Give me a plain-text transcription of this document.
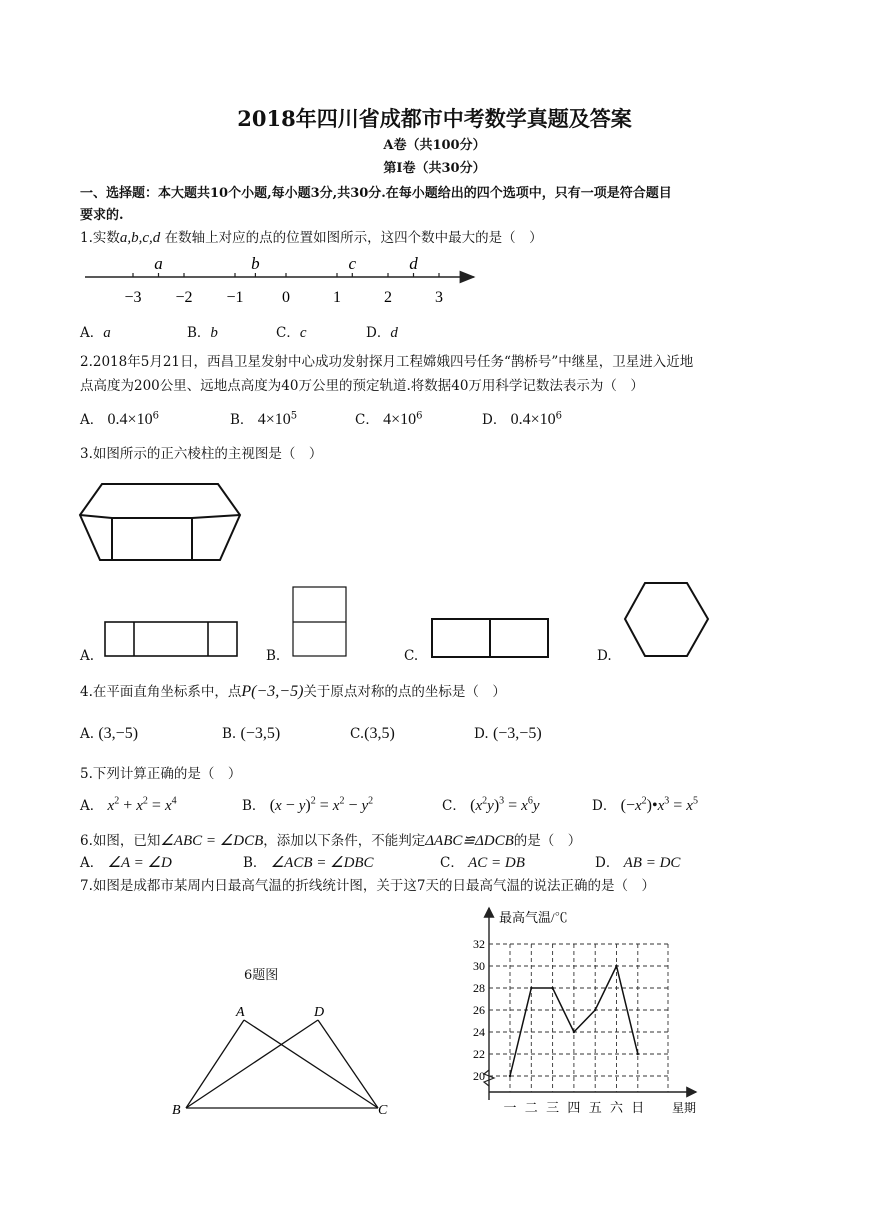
2018年四川省成都市中考数学真题及答案
A卷（共100分）
第Ⅰ卷（共30分）
一、选择题：本大题共10个小题,每小题3分,共30分.在每小题给出的四个选项中，只有一项是符合题目
要求的.
1.实数a,b,c,d 在数轴上对应的点的位置如图所示，这四个数中最大的是（　）
−3 −2 −1 0	1	2	3
a	b	c	d
A．a	B．b	C．c	D．d
2.2018年5月21日，西昌卫星发射中心成功发射探月工程嫦娥四号任务“鹊桥号”中继星，卫星进入近地
点高度为200公里、远地点高度为40万公里的预定轨道.将数据40万用科学记数法表示为（　）
A． $0.4\times 10^6$	B． $4\times 10^5$	C． $4\times 10^6$	D． $0.4\times 10^6$
3.如图所示的正六棱柱的主视图是（　）
A.	B.	C.	D.
4.在平面直角坐标系中，点P(−3,−5)关于原点对称的点的坐标是（　）
A. (3,−5)	B. (−3,5)	C.(3,5)	D. (−3,−5)
5.下列计算正确的是（　）
A． $x^2 + x^2 = x^4$	B． $(x - y)^2 = x^2 - y^2$	C． $(x^2y)^3 = x^6y$	D． $(-x^2)•x^3 = x^5$
6.如图，已知∠ABC = ∠DCB，添加以下条件，不能判定ΔABC≌ΔDCB的是（　）
A． ∠A = ∠D	B． ∠ACB = ∠DBC	C． AC = DB	D． AB = DC
7.如图是成都市某周内日最高气温的折线统计图，关于这7天的日最高气温的说法正确的是（　）
6题图
A	D
B	C
最高气温/℃
星期
20
22
24
26
28
30
32
一 二 三 四 五 六 日
